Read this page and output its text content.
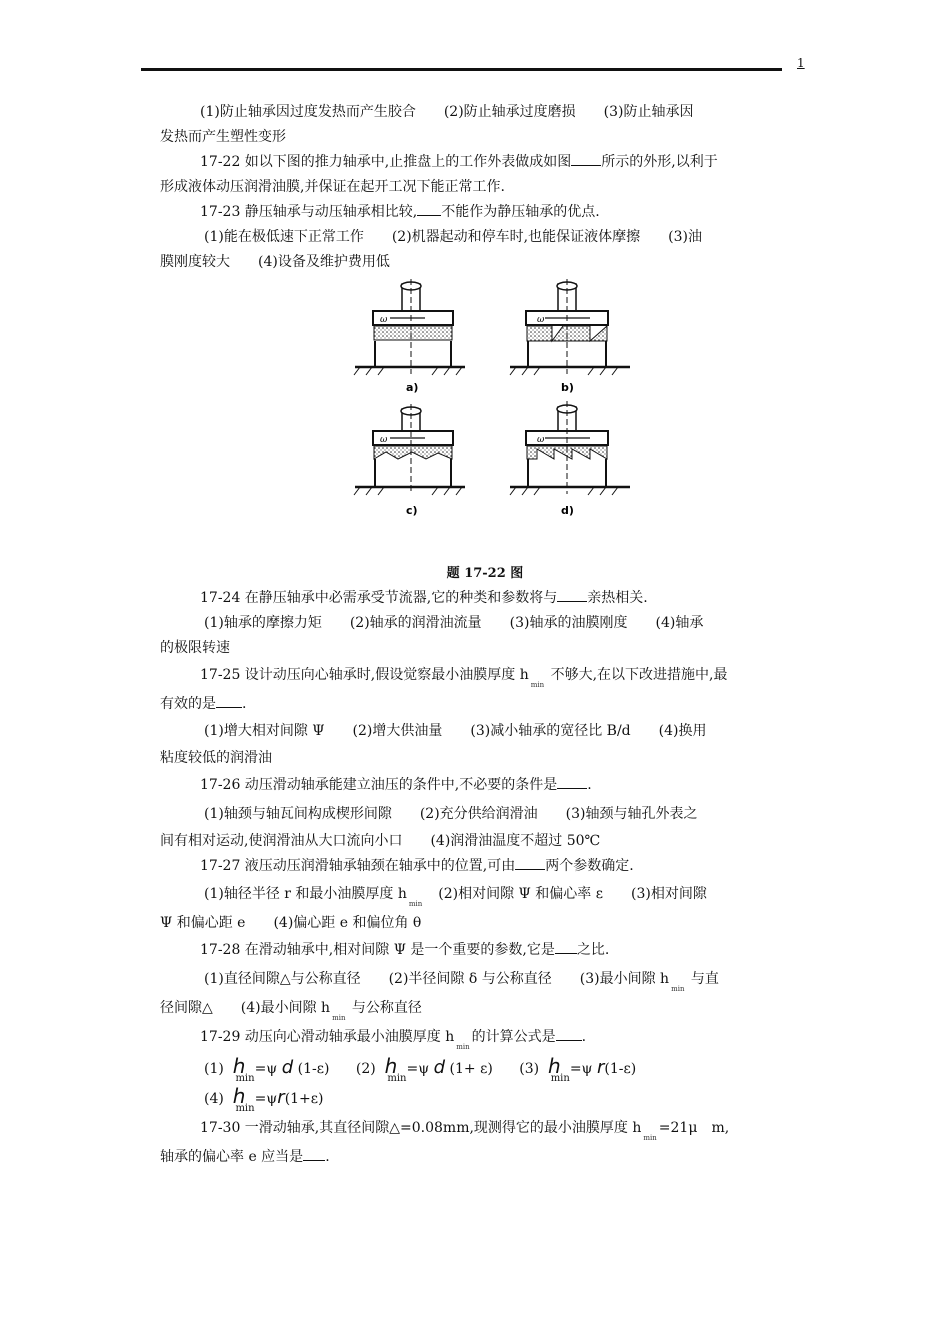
1

(1)防止轴承因过度发热而产生胶合　　(2)防止轴承过度磨损　　(3)防止轴承因

发热而产生塑性变形

17-22 如以下图的推力轴承中,止推盘上的工作外表做成如图 所示的外形,以利于

形成液体动压润滑油膜,并保证在起开工况下能正常工作.

17-23 静压轴承与动压轴承相比较, 不能作为静压轴承的优点.

(1)能在极低速下正常工作　　(2)机器起动和停车时,也能保证液体摩擦　　(3)油

膜刚度较大　　(4)设备及维护费用低

ω	ω
ω	ω
a)	b)
c)	d)
题 17-22 图

17-24 在静压轴承中必需承受节流器,它的种类和参数将与 亲热相关.

(1)轴承的摩擦力矩　　(2)轴承的润滑油流量　　(3)轴承的油膜刚度　　(4)轴承

的极限转速

17-25 设计动压向心轴承时,假设觉察最小油膜厚度 $h_{min}$ 不够大,在以下改进措施中,最

有效的是 .

(1)增大相对间隙 Ψ　　(2)增大供油量　　(3)减小轴承的宽径比 B/d　　(4)换用

粘度较低的润滑油

17-26 动压滑动轴承能建立油压的条件中,不必要的条件是 .

(1)轴颈与轴瓦间构成楔形间隙　　(2)充分供给润滑油　　(3)轴颈与轴孔外表之

间有相对运动,使润滑油从大口流向小口　　(4)润滑油温度不超过 50℃

17-27 液压动压润滑轴承轴颈在轴承中的位置,可由 两个参数确定.

(1)轴径半径 r 和最小油膜厚度 $h_{min}$　(2)相对间隙 Ψ 和偏心率 ε　　(3)相对间隙

Ψ 和偏心距 e　　(4)偏心距 e 和偏位角 θ

17-28 在滑动轴承中,相对间隙 Ψ 是一个重要的参数,它是 之比.

(1)直径间隙△与公称直径　　(2)半径间隙 δ 与公称直径　　(3)最小间隙 $h_{min}$ 与直

径间隙△　　(4)最小间隙 $h_{min}$ 与公称直径

17-29 动压向心滑动轴承最小油膜厚度 $h_{min}$的计算公式是 .

(1) $h_{min}=\psi$ d (1-ε) (2) $h_{min}=\psi$ d (1+ ε) (3) $h_{min}=\psi$ r(1-ε)
(4) $h_{min}=\psi r(1+\varepsilon)$

17-30 一滑动轴承,其直径间隙△=0.08mm,现测得它的最小油膜厚度 $h_{min}=21\mu$　m,

轴承的偏心率 e 应当是 .
